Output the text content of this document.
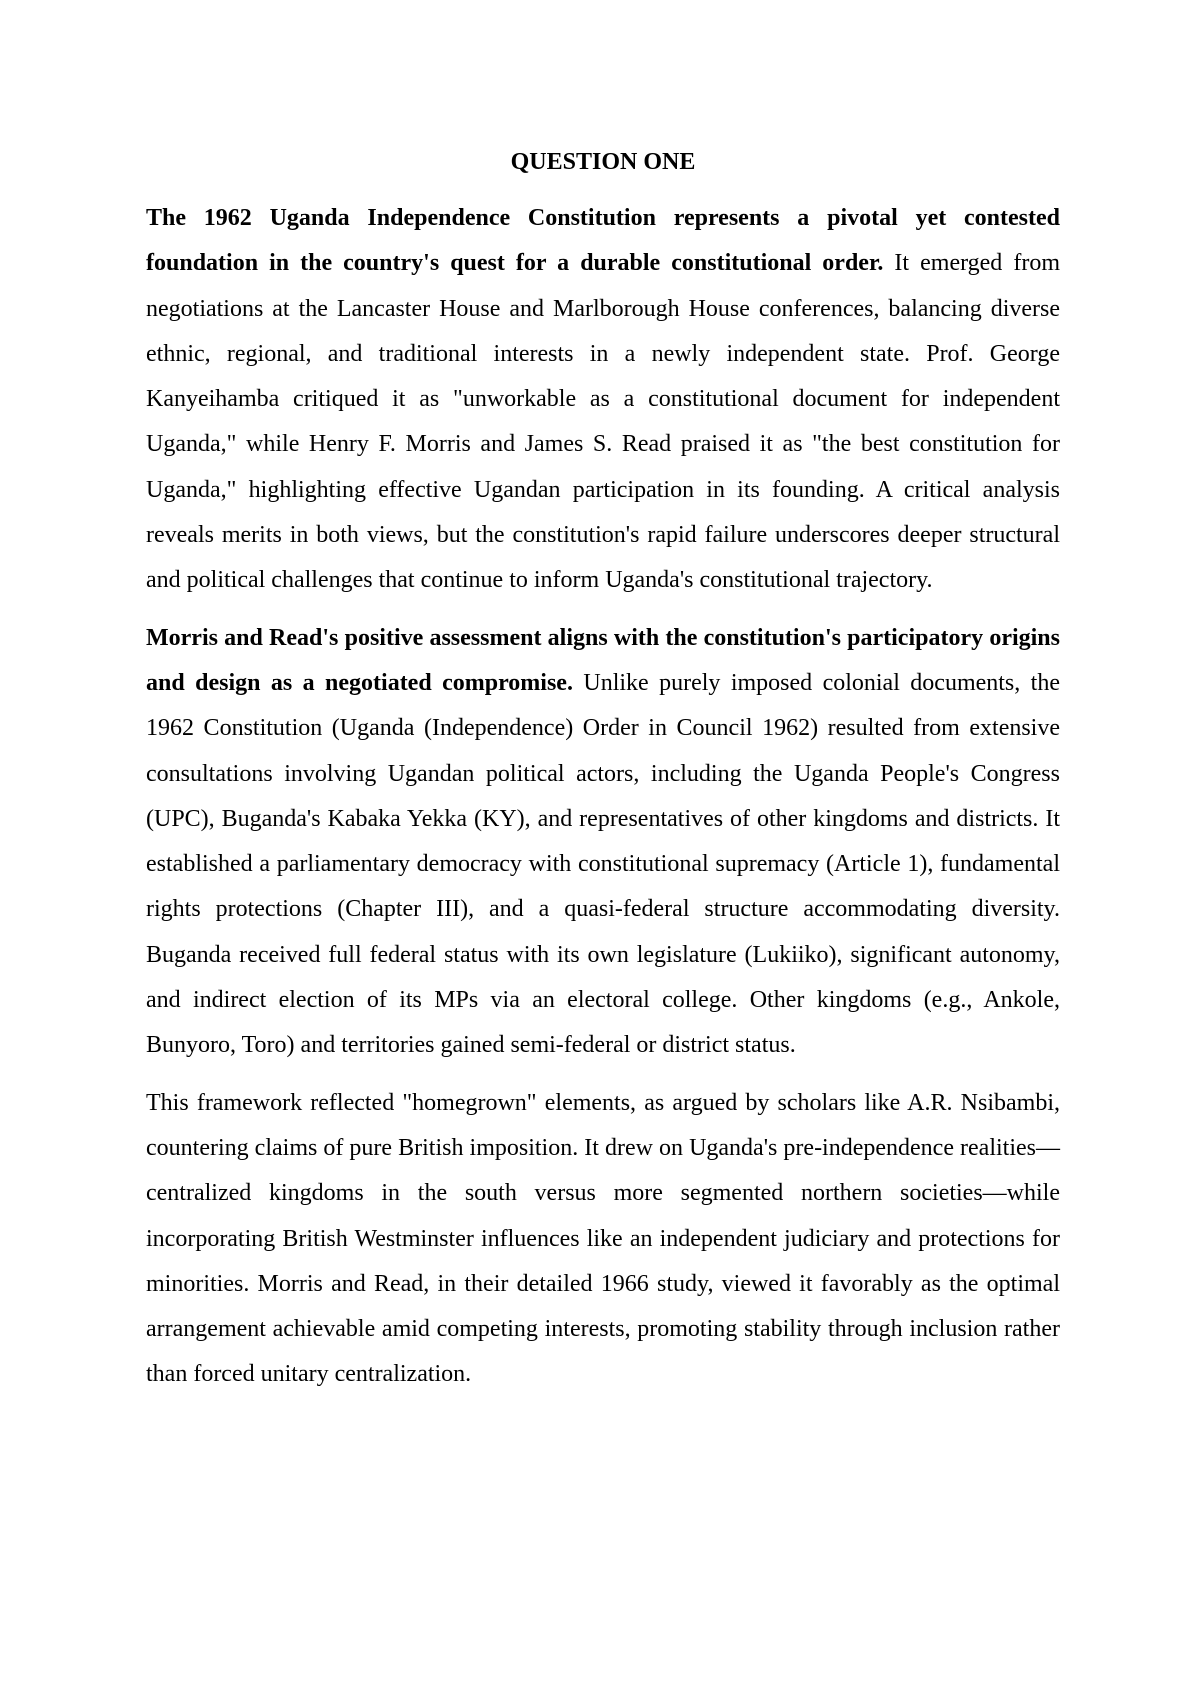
QUESTION ONE

The 1962 Uganda Independence Constitution represents a pivotal yet contested foundation in the country's quest for a durable constitutional order. It emerged from negotiations at the Lancaster House and Marlborough House conferences, balancing diverse ethnic, regional, and traditional interests in a newly independent state. Prof. George Kanyeihamba critiqued it as "unworkable as a constitutional document for independent Uganda," while Henry F. Morris and James S. Read praised it as "the best constitution for Uganda," highlighting effective Ugandan participation in its founding. A critical analysis reveals merits in both views, but the constitution's rapid failure underscores deeper structural and political challenges that continue to inform Uganda's constitutional trajectory.

Morris and Read's positive assessment aligns with the constitution's participatory origins and design as a negotiated compromise. Unlike purely imposed colonial documents, the 1962 Constitution (Uganda (Independence) Order in Council 1962) resulted from extensive consultations involving Ugandan political actors, including the Uganda People's Congress (UPC), Buganda's Kabaka Yekka (KY), and representatives of other kingdoms and districts. It established a parliamentary democracy with constitutional supremacy (Article 1), fundamental rights protections (Chapter III), and a quasi-federal structure accommodating diversity. Buganda received full federal status with its own legislature (Lukiiko), significant autonomy, and indirect election of its MPs via an electoral college. Other kingdoms (e.g., Ankole, Bunyoro, Toro) and territories gained semi-federal or district status.

This framework reflected "homegrown" elements, as argued by scholars like A.R. Nsibambi, countering claims of pure British imposition. It drew on Uganda's pre-independence realities—centralized kingdoms in the south versus more segmented northern societies—while incorporating British Westminster influences like an independent judiciary and protections for minorities. Morris and Read, in their detailed 1966 study, viewed it favorably as the optimal arrangement achievable amid competing interests, promoting stability through inclusion rather than forced unitary centralization.
